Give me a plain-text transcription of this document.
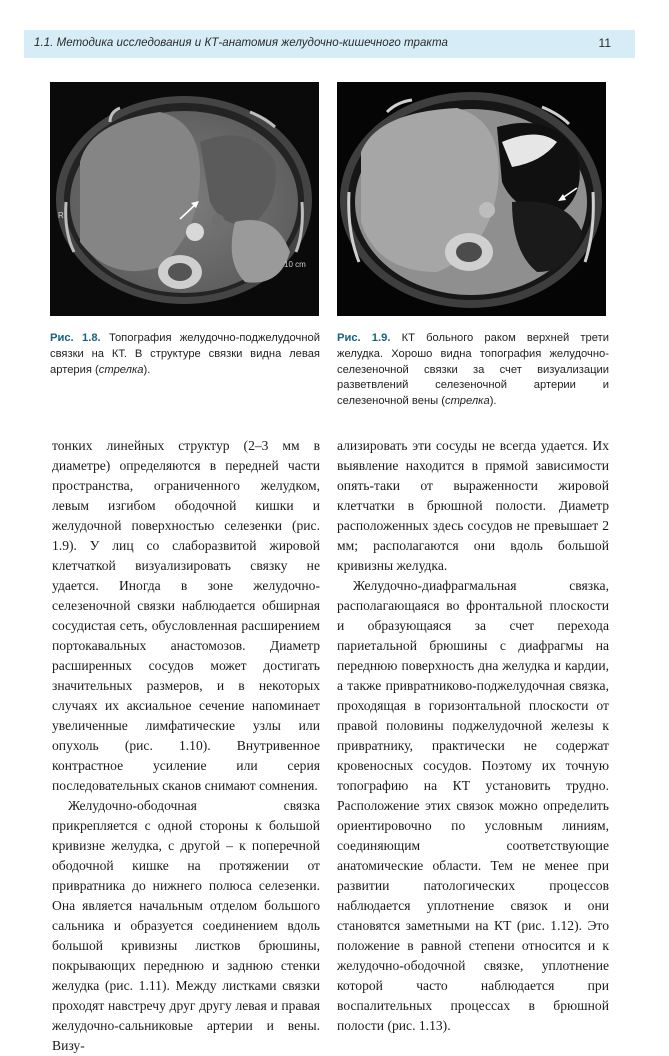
1.1. Методика исследования и КТ-анатомия желудочно-кишечного тракта	11
R
10 cm
Рис. 1.8. Топография желудочно-поджелудочной связки на КТ. В структуре связки видна левая артерия (стрелка).
Рис. 1.9. КТ больного раком верхней трети желудка. Хорошо видна топография желудочно-селезеночной связки за счет визуализации разветвлений селезеночной артерии и селезеночной вены (стрелка).

тонких линейных структур (2–3 мм в диаметре) определяются в передней части пространства, ограниченного желудком, левым изгибом ободочной кишки и желудочной поверхностью селезенки (рис. 1.9). У лиц со слаборазвитой жировой клетчаткой визуализировать связку не удается. Иногда в зоне желудочно-селезеночной связки наблюдается обширная сосудистая сеть, обусловленная расширением портокавальных анастомозов. Диаметр расширенных сосудов может достигать значительных размеров, и в некоторых случаях их аксиальное сечение напоминает увеличенные лимфатические узлы или опухоль (рис. 1.10). Внутривенное контрастное усиление или серия последовательных сканов снимают сомнения.

Желудочно-ободочная связка прикрепляется с одной стороны к большой кривизне желудка, с другой – к поперечной ободочной кишке на протяжении от привратника до нижнего полюса селезенки. Она является начальным отделом большого сальника и образуется соединением вдоль большой кривизны листков брюшины, покрывающих переднюю и заднюю стенки желудка (рис. 1.11). Между листками связки проходят навстречу друг другу левая и правая желудочно-сальниковые артерии и вены. Визу-

ализировать эти сосуды не всегда удается. Их выявление находится в прямой зависимости опять-таки от выраженности жировой клетчатки в брюшной полости. Диаметр расположенных здесь сосудов не превышает 2 мм; располагаются они вдоль большой кривизны желудка.

Желудочно-диафрагмальная связка, располагающаяся во фронтальной плоскости и образующаяся за счет перехода париетальной брюшины с диафрагмы на переднюю поверхность дна желудка и кардии, а также привратниково-поджелудочная связка, проходящая в горизонтальной плоскости от правой половины поджелудочной железы к привратнику, практически не содержат кровеносных сосудов. Поэтому их точную топографию на КТ установить трудно. Расположение этих связок можно определить ориентировочно по условным линиям, соединяющим соответствующие анатомические области. Тем не менее при развитии патологических процессов наблюдается уплотнение связок и они становятся заметными на КТ (рис. 1.12). Это положение в равной степени относится и к желудочно-ободочной связке, уплотнение которой часто наблюдается при воспалительных процессах в брюшной полости (рис. 1.13).
